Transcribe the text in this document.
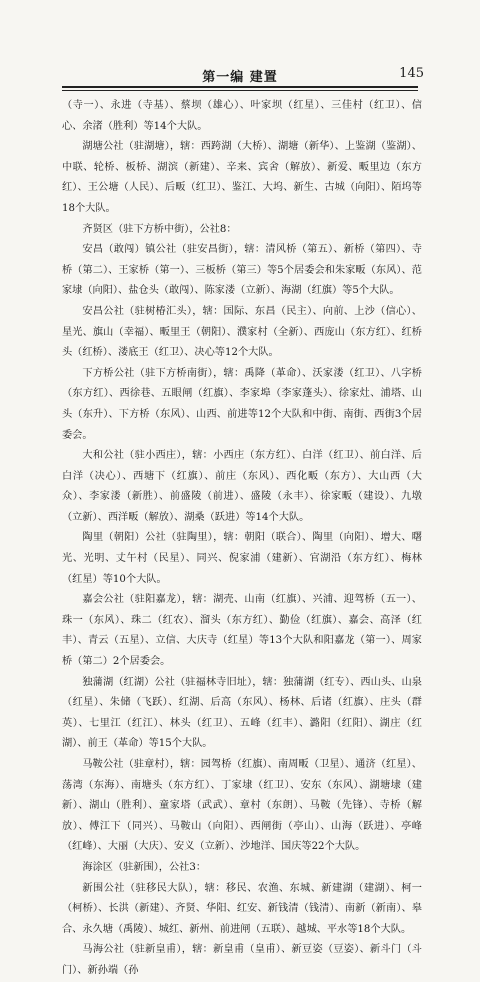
第一编 建置	145

（寺一）、永进（寺基）、蔡坝（雄心）、叶家坝（红星）、三佳村（红卫）、信心、余渚（胜利）等14个大队。

湖塘公社（驻湖塘），辖：西跨湖（大桥）、湖塘（新华）、上鉴湖（鉴湖）、中联、轮桥、板桥、湖滨（新建）、辛来、宾舍（解放）、新爱、畈里边（东方红）、王公塘（人民）、后畈（红卫）、鉴江、大坞、新生、古城（向阳）、陌坞等18个大队。

齐贤区（驻下方桥中街），公社8：

安昌（敢闯）镇公社（驻安昌街），辖：清风桥（第五）、新桥（第四）、寺桥（第二）、王家桥（第一）、三板桥（第三）等5个居委会和朱家畈（东风）、范家埭（向阳）、盐仓头（敢闯）、陈家溇（立新）、海湖（红旗）等5个大队。

安昌公社（驻树椿汇头），辖：国际、东昌（民主）、向前、上沙（信心）、星光、旗山（幸福）、畈里王（朝阳）、濮家村（全新）、西庞山（东方红）、红桥头（红桥）、溇底王（红卫）、决心等12个大队。

下方桥公社（驻下方桥南街），辖：禹降（革命）、沃家溇（红卫）、八字桥（东方红）、西徐巷、五眼闸（红旗）、李家埠（李家蓬头）、徐家灶、浦塔、山头（东升）、下方桥（东风）、山西、前进等12个大队和中街、南街、西街3个居委会。

大和公社（驻小西庄），辖：小西庄（东方红）、白洋（红卫）、前白洋、后白洋（决心）、西塘下（红旗）、前庄（东风）、西化畈（东方）、大山西（大众）、李家溇（新胜）、前盛陵（前进）、盛陵（永丰）、徐家畈（建设）、九墩（立新）、西洋畈（解放）、湖桑（跃进）等14个大队。

陶里（朝阳）公社（驻陶里），辖：朝阳（联合）、陶里（向阳）、增大、曙光、光明、丈午村（民星）、同兴、倪家浦（建新）、官湖沿（东方红）、梅林（红星）等10个大队。

嘉会公社（驻阳嘉龙），辖：湖壳、山南（红旗）、兴浦、迎驾桥（五一）、珠一（东风）、珠二（红农）、溜头（东方红）、勤俭（红旗）、嘉会、高泽（红丰）、青云（五星）、立信、大庆寺（红星）等13个大队和阳嘉龙（第一）、周家桥（第二）2个居委会。

独蒲湖（红湖）公社（驻福林寺旧址），辖：独蒲湖（红专）、西山头、山泉（红星）、朱储（飞跃）、红湖、后高（东风）、杨林、后诸（红旗）、庄头（群英）、七里江（红江）、林头（红卫）、五峰（红丰）、潞阳（红阳）、湖庄（红湖）、前王（革命）等15个大队。

马鞍公社（驻章村），辖：园驾桥（红旗）、南周畈（卫星）、通济（红星）、荡湾（东海）、南塘头（东方红）、丁家埭（红卫）、安东（东风）、湖塘埭（建新）、湖山（胜利）、童家塔（武武）、章村（东朗）、马鞍（先锋）、寺桥（解放）、傅江下（同兴）、马鞍山（向阳）、西闸街（亭山）、山海（跃进）、亭峰（红峰）、大丽（大庆）、安义（立新）、沙地洋、国庆等22个大队。

海涂区（驻新围），公社3：

新围公社（驻移民大队），辖：移民、农渔、东城、新建湖（建湖）、柯一（柯桥）、长洪（新建）、齐贤、华阳、红安、新钱清（钱清）、南新（新南）、皋合、永久塘（禹陵）、城红、新州、前进闸（五联）、越城、平水等18个大队。

马海公社（驻新皇甫），辖：新皇甫（皇甫）、新豆姿（豆姿）、新斗门（斗门）、新孙端（孙
